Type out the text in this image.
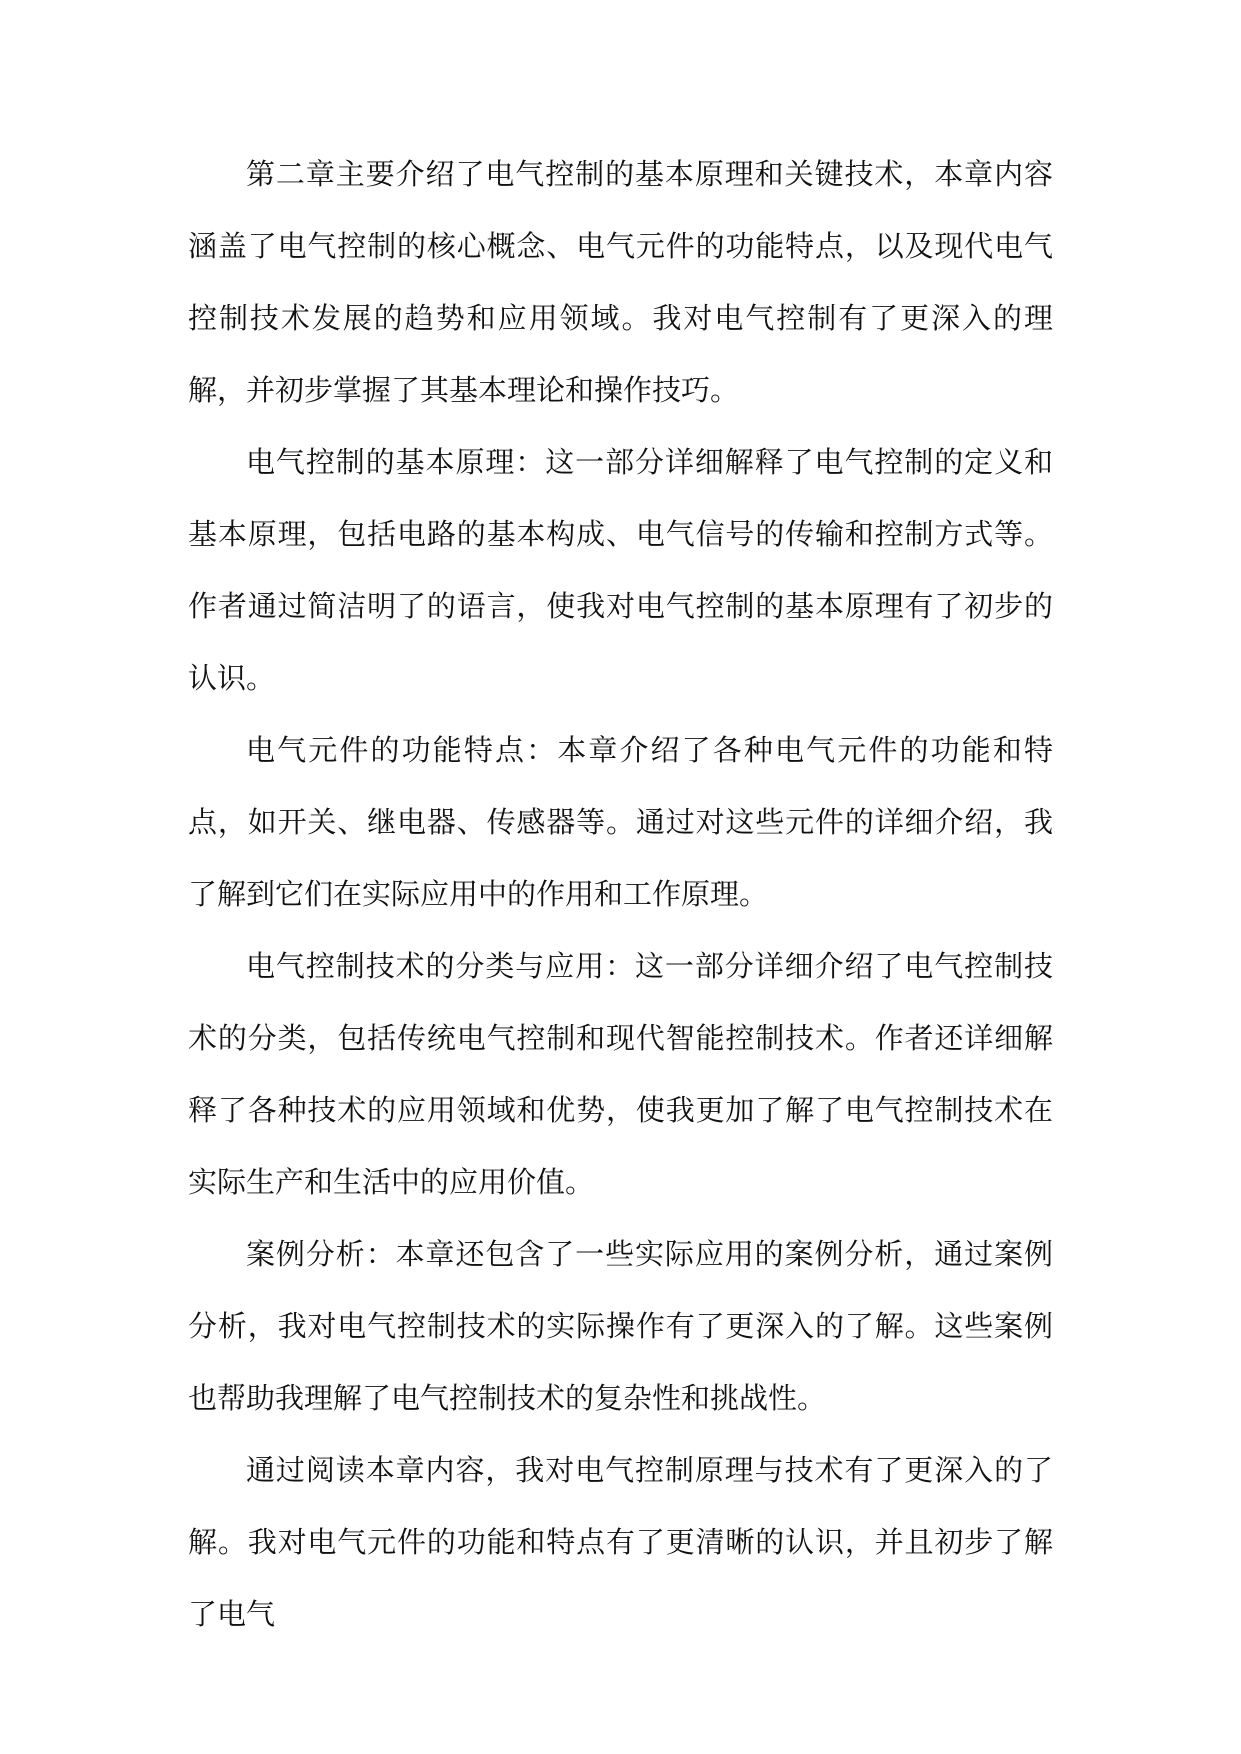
第二章主要介绍了电气控制的基本原理和关键技术，本章内容涵盖了电气控制的核心概念、电气元件的功能特点，以及现代电气控制技术发展的趋势和应用领域。我对电气控制有了更深入的理解，并初步掌握了其基本理论和操作技巧。

电气控制的基本原理：这一部分详细解释了电气控制的定义和基本原理，包括电路的基本构成、电气信号的传输和控制方式等。作者通过简洁明了的语言，使我对电气控制的基本原理有了初步的认识。

电气元件的功能特点：本章介绍了各种电气元件的功能和特点，如开关、继电器、传感器等。通过对这些元件的详细介绍，我了解到它们在实际应用中的作用和工作原理。

电气控制技术的分类与应用：这一部分详细介绍了电气控制技术的分类，包括传统电气控制和现代智能控制技术。作者还详细解释了各种技术的应用领域和优势，使我更加了解了电气控制技术在实际生产和生活中的应用价值。

案例分析：本章还包含了一些实际应用的案例分析，通过案例分析，我对电气控制技术的实际操作有了更深入的了解。这些案例也帮助我理解了电气控制技术的复杂性和挑战性。

通过阅读本章内容，我对电气控制原理与技术有了更深入的了解。我对电气元件的功能和特点有了更清晰的认识，并且初步了解了电气
